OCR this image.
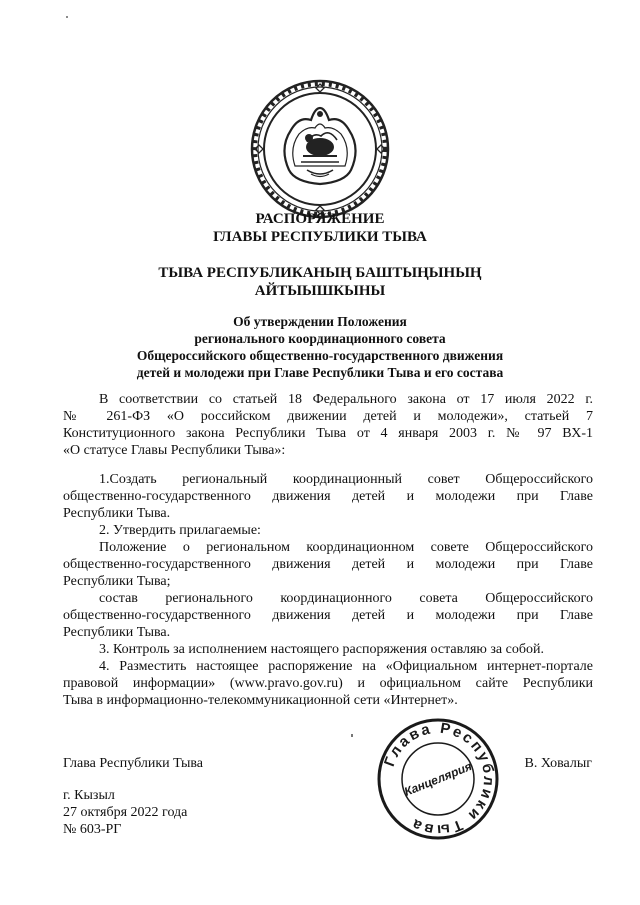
РАСПОРЯЖЕНИЕ
ГЛАВЫ РЕСПУБЛИКИ ТЫВА
ТЫВА РЕСПУБЛИКАНЫҢ БАШТЫҢЫНЫҢ
АЙТЫЫШКЫНЫ
Об утверждении Положения
регионального координационного совета
Общероссийского общественно-государственного движения
детей и молодежи при Главе Республики Тыва и его состава
В соответствии со статьей 18 Федерального закона от 17 июля 2022 г.
№ 261-ФЗ «О российском движении детей и молодежи», статьей 7
Конституционного закона Республики Тыва от 4 января 2003 г. № 97 ВХ-1
«О статусе Главы Республики Тыва»:
1.Создать региональный координационный совет Общероссийского
общественно-государственного движения детей и молодежи при Главе
Республики Тыва.
2. Утвердить прилагаемые:
Положение о региональном координационном совете Общероссийского
общественно-государственного движения детей и молодежи при Главе
Республики Тыва;
состав регионального координационного совета Общероссийского
общественно-государственного движения детей и молодежи при Главе
Республики Тыва.
3. Контроль за исполнением настоящего распоряжения оставляю за собой.
4. Разместить настоящее распоряжение на «Официальном интернет-портале
правовой информации» (www.pravo.gov.ru) и официальном сайте Республики
Тыва в информационно-телекоммуникационной сети «Интернет».
Глава Республики Тыва	В. Ховалыг
Глава Республики Тыва
Канцелярия
г. Кызыл
27 октября 2022 года
№ 603-РГ
